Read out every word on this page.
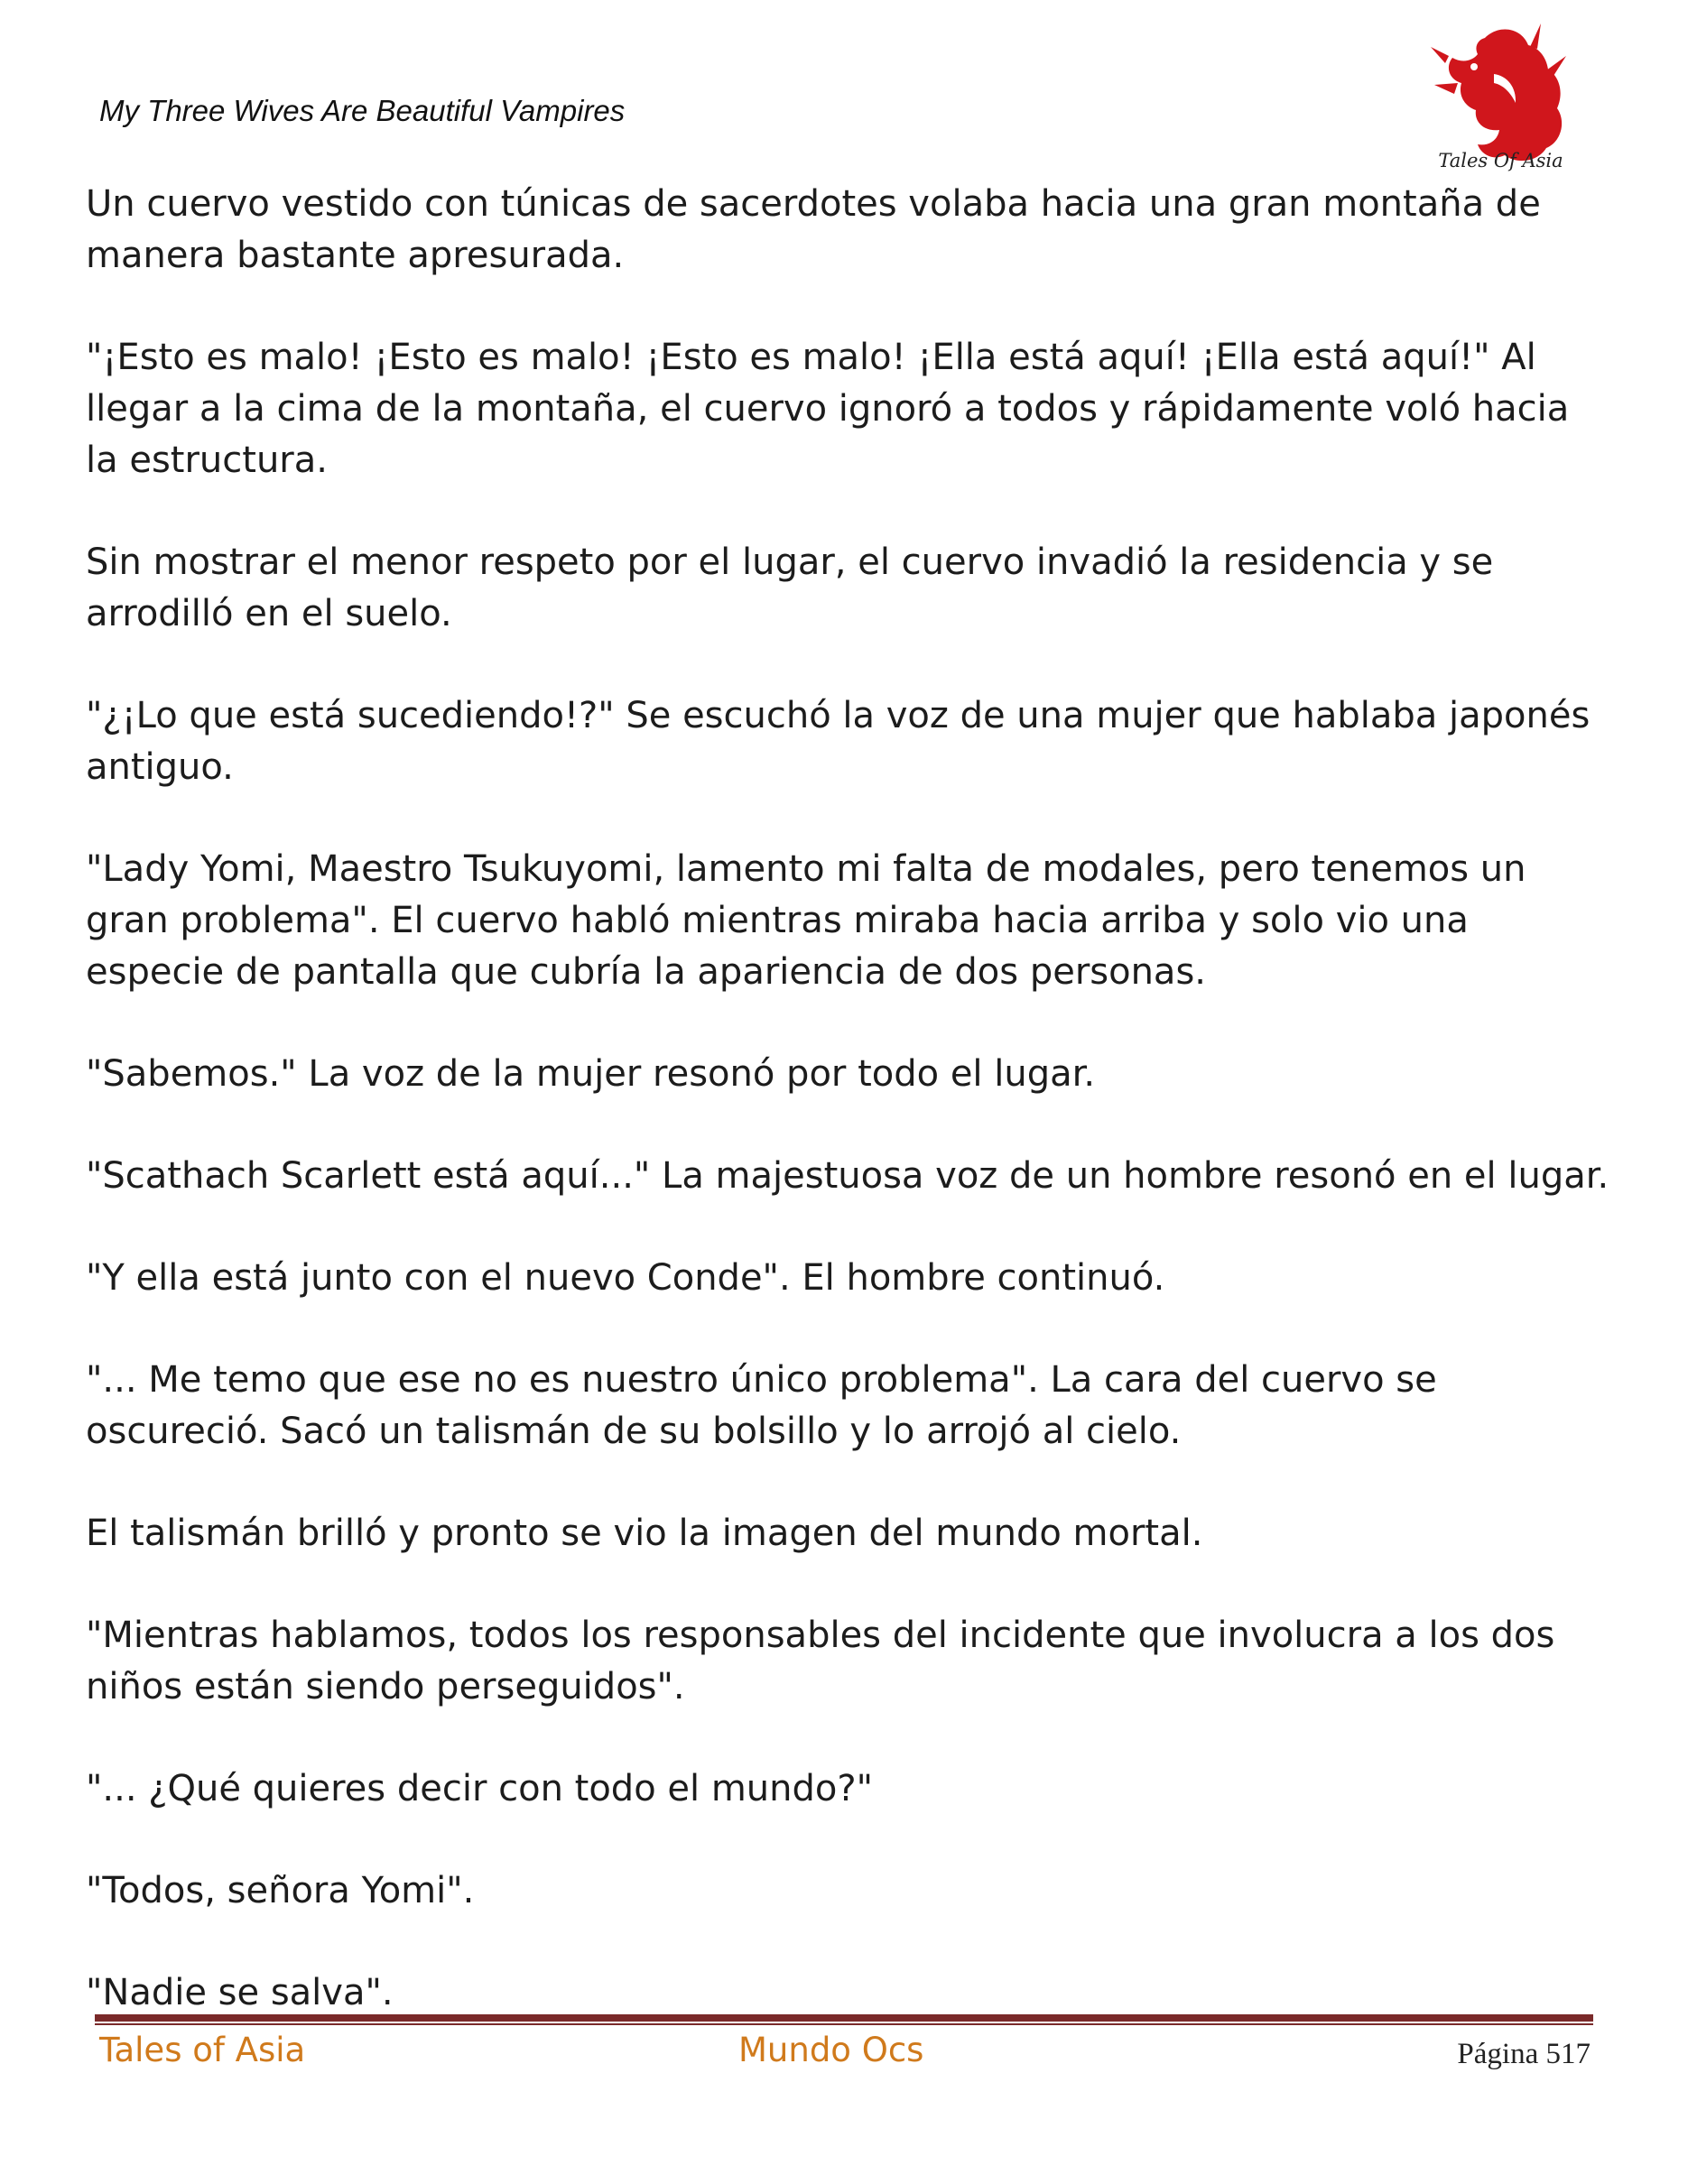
My Three Wives Are Beautiful Vampires
Tales Of Asia

Un cuervo vestido con túnicas de sacerdotes volaba hacia una gran montaña de manera bastante apresurada.

"¡Esto es malo! ¡Esto es malo! ¡Esto es malo! ¡Ella está aquí! ¡Ella está aquí!" Al llegar a la cima de la montaña, el cuervo ignoró a todos y rápidamente voló hacia la estructura.

Sin mostrar el menor respeto por el lugar, el cuervo invadió la residencia y se arrodilló en el suelo.

"¿¡Lo que está sucediendo!?" Se escuchó la voz de una mujer que hablaba japonés antiguo.

"Lady Yomi, Maestro Tsukuyomi, lamento mi falta de modales, pero tenemos un gran problema". El cuervo habló mientras miraba hacia arriba y solo vio una especie de pantalla que cubría la apariencia de dos personas.

"Sabemos." La voz de la mujer resonó por todo el lugar.

"Scathach Scarlett está aquí..." La majestuosa voz de un hombre resonó en el lugar.

"Y ella está junto con el nuevo Conde". El hombre continuó.

"... Me temo que ese no es nuestro único problema". La cara del cuervo se oscureció. Sacó un talismán de su bolsillo y lo arrojó al cielo.

El talismán brilló y pronto se vio la imagen del mundo mortal.

"Mientras hablamos, todos los responsables del incidente que involucra a los dos niños están siendo perseguidos".

"... ¿Qué quieres decir con todo el mundo?"

"Todos, señora Yomi".

"Nadie se salva".

Tales of Asia	Mundo Ocs	Página 517
